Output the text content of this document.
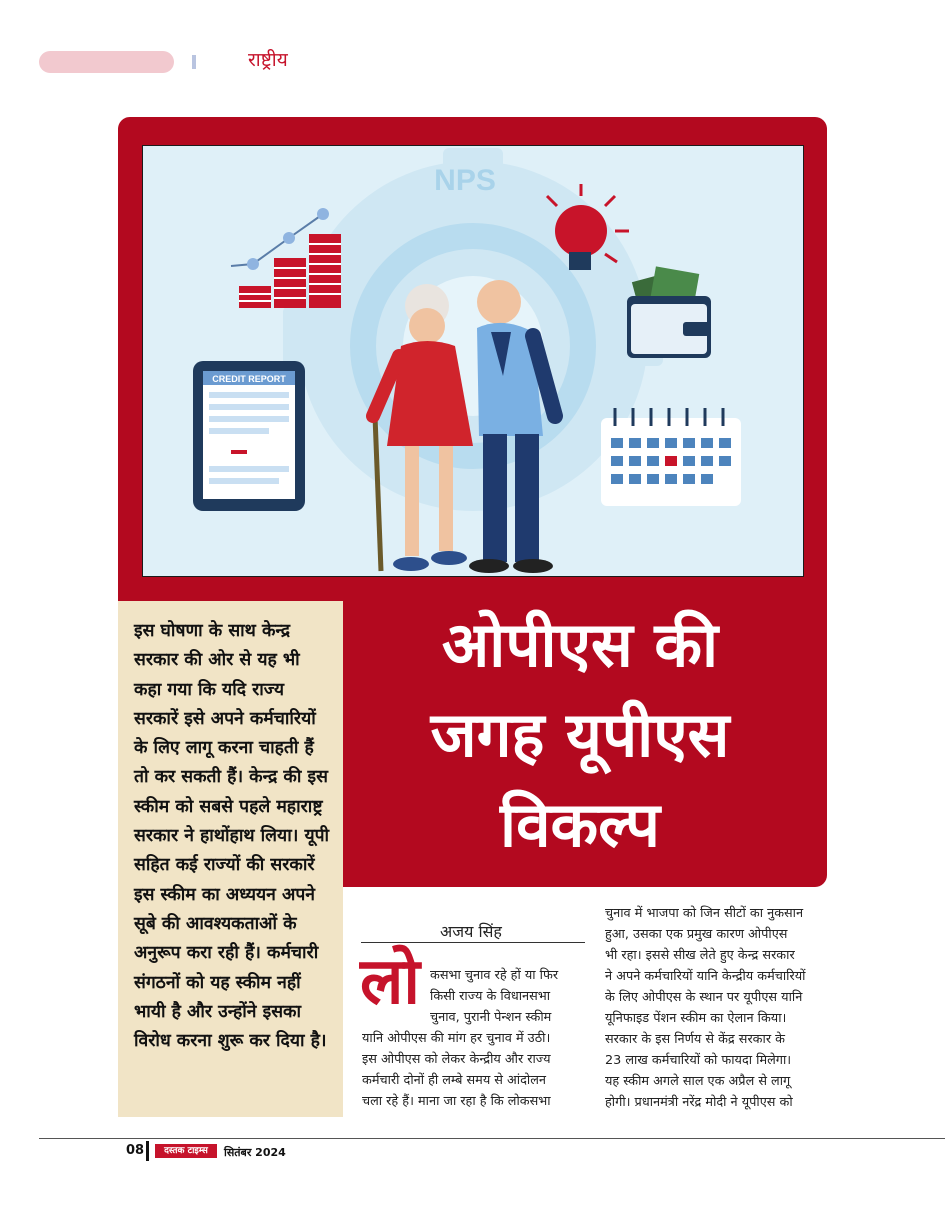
राष्ट्रीय
NPS
CREDIT REPORT
ओपीएस की
जगह यूपीएस
विकल्प

इस घोषणा के साथ केन्द्र सरकार की ओर से यह भी कहा गया कि यदि राज्य सरकारें इसे अपने कर्मचारियों के लिए लागू करना चाहती हैं तो कर सकती हैं। केन्द्र की इस स्कीम को सबसे पहले महाराष्ट्र सरकार ने हाथोंहाथ लिया। यूपी सहित कई राज्यों की सरकारें इस स्कीम का अध्ययन अपने सूबे की आवश्यकताओं के अनुरूप करा रही हैं। कर्मचारी संगठनों को यह स्कीम नहीं भायी है और उन्होंने इसका विरोध करना शुरू कर दिया है।

अजय सिंह
लो कसभा चुनाव रहे हों या फिर
किसी राज्य के विधानसभा
चुनाव, पुरानी पेन्शन स्कीम
यानि ओपीएस की मांग हर चुनाव में उठी।
इस ओपीएस को लेकर केन्द्रीय और राज्य
कर्मचारी दोनों ही लम्बे समय से आंदोलन
चला रहे हैं। माना जा रहा है कि लोकसभा
चुनाव में भाजपा को जिन सीटों का नुकसान
हुआ, उसका एक प्रमुख कारण ओपीएस
भी रहा। इससे सीख लेते हुए केन्द्र सरकार
ने अपने कर्मचारियों यानि केन्द्रीय कर्मचारियों
के लिए ओपीएस के स्थान पर यूपीएस यानि
यूनिफाइड पेंशन स्कीम का ऐलान किया।
सरकार के इस निर्णय से केंद्र सरकार के
23 लाख कर्मचारियों को फायदा मिलेगा।
यह स्कीम अगले साल एक अप्रैल से लागू
होगी। प्रधानमंत्री नरेंद्र मोदी ने यूपीएस को
08	दस्तक टाइम्स	सितंबर 2024
